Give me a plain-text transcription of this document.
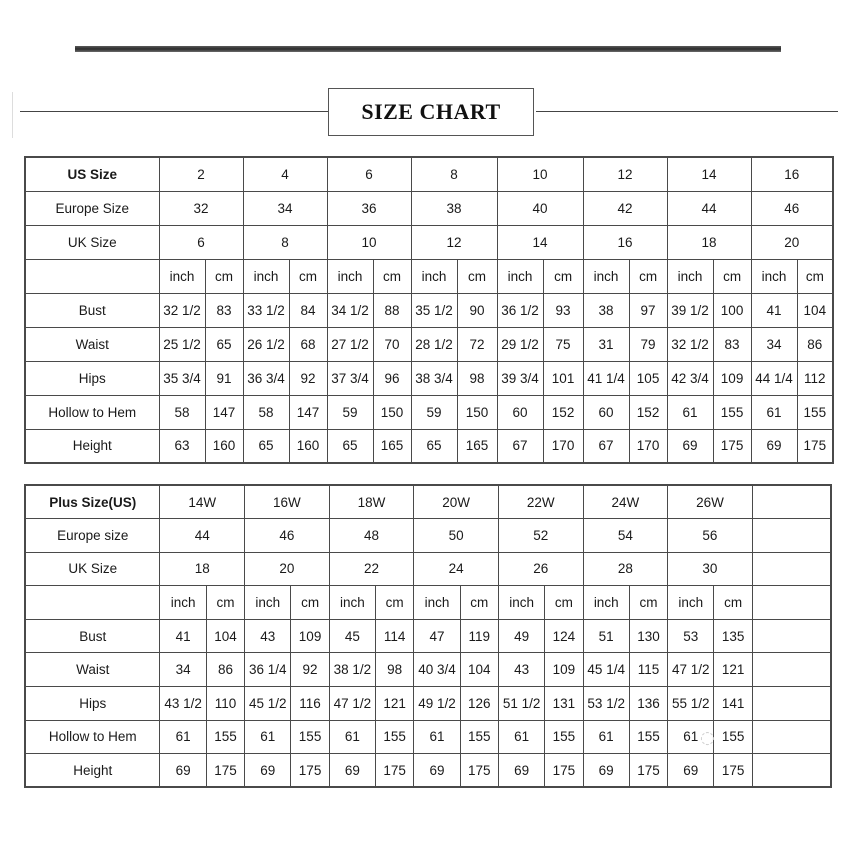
SIZE CHART
US Size	2		4		6		8		10		12		14		16	
Europe Size	32		34		36		38		40		42		44		46	
UK Size	6		8		10		12		14		16		18		20	
	inch	cm	inch	cm	inch	cm	inch	cm	inch	cm	inch	cm	inch	cm	inch	cm
Bust	32 1/2	83	33 1/2	84	34 1/2	88	35 1/2	90	36 1/2	93	38	97	39 1/2	100	41	104
Waist	25 1/2	65	26 1/2	68	27 1/2	70	28 1/2	72	29 1/2	75	31	79	32 1/2	83	34	86
Hips	35 3/4	91	36 3/4	92	37 3/4	96	38 3/4	98	39 3/4	101	41 1/4	105	42 3/4	109	44 1/4	112
Hollow to Hem	58	147	58	147	59	150	59	150	60	152	60	152	61	155	61	155
Height	63	160	65	160	65	165	65	165	67	170	67	170	69	175	69	175
Plus Size(US)	14W		16W		18W		20W		22W		24W		26W		
Europe size	44		46		48		50		52		54		56		
UK Size	18		20		22		24		26		28		30		
	inch	cm	inch	cm	inch	cm	inch	cm	inch	cm	inch	cm	inch	cm	
Bust	41	104	43	109	45	114	47	119	49	124	51	130	53	135	
Waist	34	86	36 1/4	92	38 1/2	98	40 3/4	104	43	109	45 1/4	115	47 1/2	121	
Hips	43 1/2	110	45 1/2	116	47 1/2	121	49 1/2	126	51 1/2	131	53 1/2	136	55 1/2	141	
Hollow to Hem	61	155	61	155	61	155	61	155	61	155	61	155	61	155	
Height	69	175	69	175	69	175	69	175	69	175	69	175	69	175	
◌
